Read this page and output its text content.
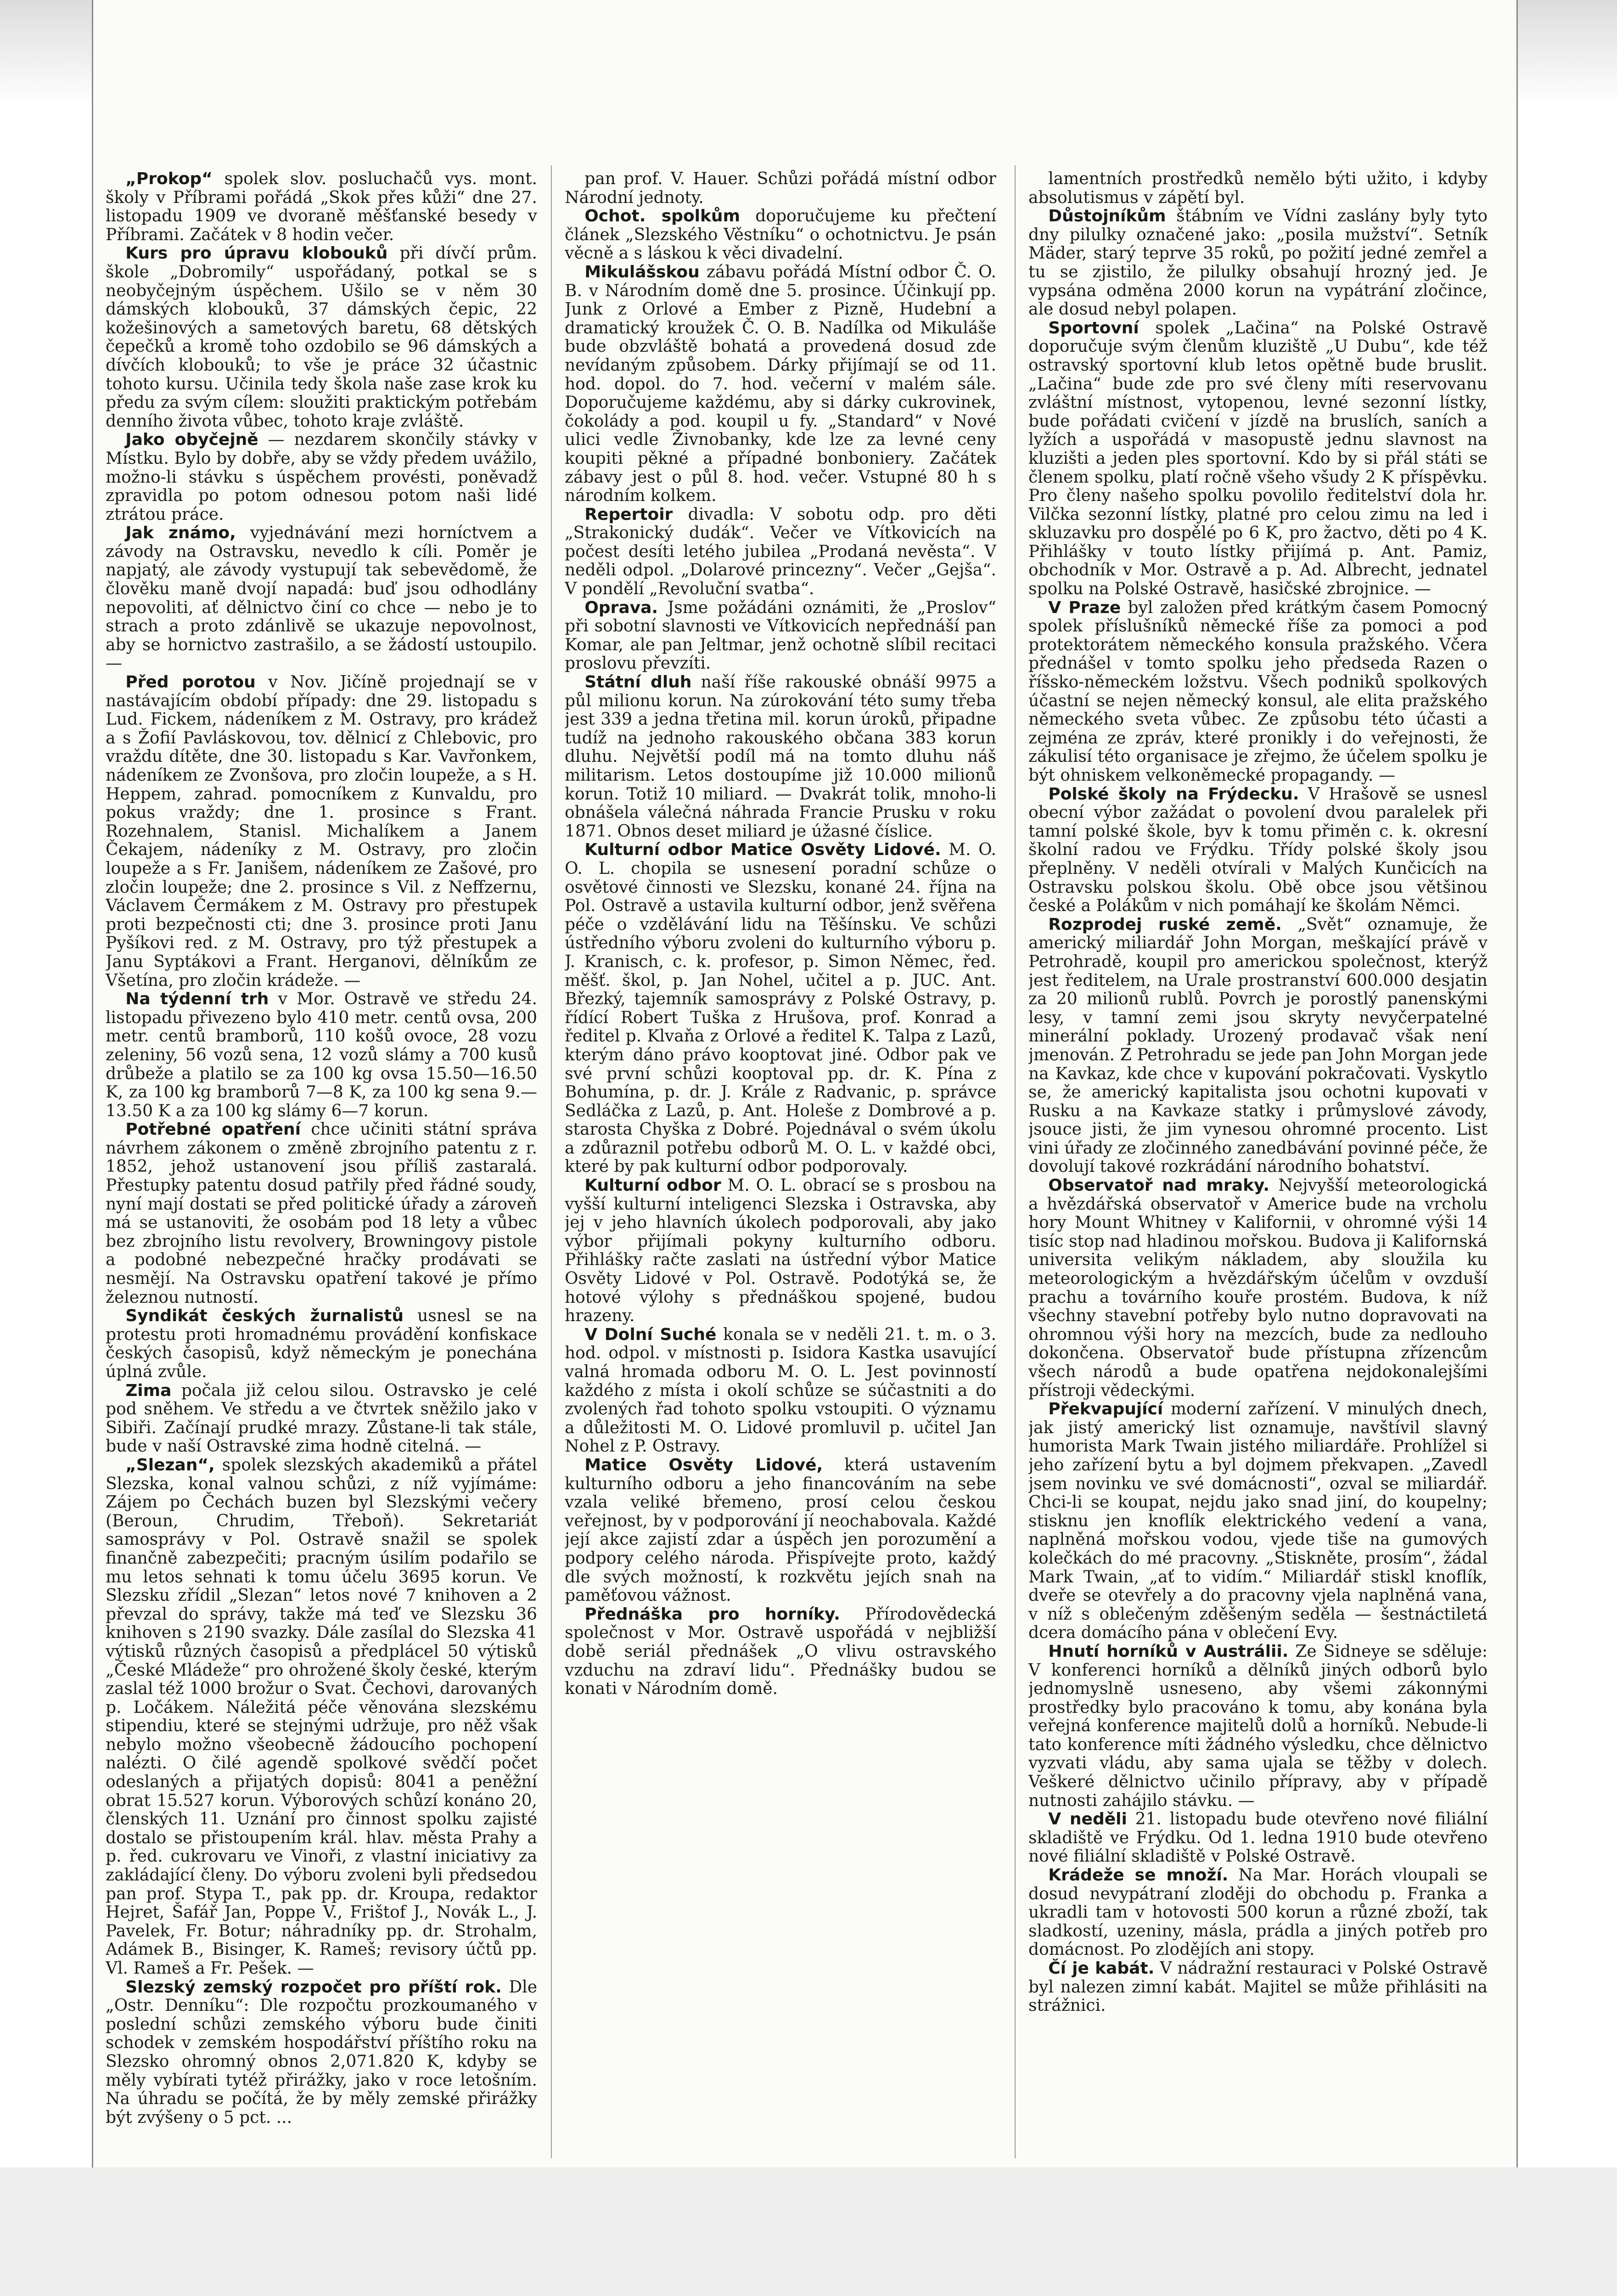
„Prokop“ spolek slov. posluchačů vys. mont. školy v Příbrami pořádá „Skok přes kůži“ dne 27. listopadu 1909 ve dvoraně měšťanské besedy v Příbrami. Začátek v 8 hodin večer.

Kurs pro úpravu klobouků při dívčí prům. škole „Dobromily“ uspořádaný, potkal se s neobyčejným úspěchem. Ušilo se v něm 30 dámských klobouků, 37 dámských čepic, 22 kožešinových a sametových baretu, 68 dětských čepečků a kromě toho ozdobilo se 96 dámských a dívčích klobouků; to vše je práce 32 účastnic tohoto kursu. Učinila tedy škola naše zase krok ku předu za svým cílem: sloužiti praktickým potřebám denního života vůbec, tohoto kraje zvláště.

Jako obyčejně — nezdarem skončily stávky v Místku. Bylo by dobře, aby se vždy předem uvážilo, možno-li stávku s úspěchem provésti, poněvadž zpravidla po potom odnesou potom naši lidé ztrátou práce.

Jak známo, vyjednávání mezi horníctvem a závody na Ostravsku, nevedlo k cíli. Poměr je napjatý, ale závody vystupují tak sebevědomě, že člověku maně dvojí napadá: buď jsou odhodlány nepovoliti, ať dělnictvo činí co chce — nebo je to strach a proto zdánlivě se ukazuje nepovolnost, aby se hornictvo zastrašilo, a se žádostí ustoupilo. —

Před porotou v Nov. Jičíně projednají se v nastávajícím období případy: dne 29. listopadu s Lud. Fickem, nádeníkem z M. Ostravy, pro krádež a s Žofií Pavláskovou, tov. dělnicí z Chlebovic, pro vraždu dítěte, dne 30. listopadu s Kar. Vavřonkem, nádeníkem ze Zvonšova, pro zločin loupeže, a s H. Heppem, zahrad. pomocníkem z Kunvaldu, pro pokus vraždy; dne 1. prosince s Frant. Rozehnalem, Stanisl. Michalíkem a Janem Čekajem, nádeníky z M. Ostravy, pro zločin loupeže a s Fr. Janišem, nádeníkem ze Zašové, pro zločin loupeže; dne 2. prosince s Vil. z Neffzernu, Václavem Čermákem z M. Ostravy pro přestupek proti bezpečnosti cti; dne 3. prosince proti Janu Pyšíkovi red. z M. Ostravy, pro týž přestupek a Janu Syptákovi a Frant. Herganovi, dělníkům ze Všetína, pro zločin krádeže. —

Na týdenní trh v Mor. Ostravě ve středu 24. listopadu přivezeno bylo 410 metr. centů ovsa, 200 metr. centů bramborů, 110 košů ovoce, 28 vozu zeleniny, 56 vozů sena, 12 vozů slámy a 700 kusů drůbeže a platilo se za 100 kg ovsa 15.50—16.50 K, za 100 kg bramborů 7—8 K, za 100 kg sena 9.—13.50 K a za 100 kg slámy 6—7 korun.

Potřebné opatření chce učiniti státní správa návrhem zákonem o změně zbrojního patentu z r. 1852, jehož ustanovení jsou příliš zastaralá. Přestupky patentu dosud patřily před řádné soudy, nyní mají dostati se před politické úřady a zároveň má se ustanoviti, že osobám pod 18 lety a vůbec bez zbrojního listu revolvery, Browningovy pistole a podobné nebezpečné hračky prodávati se nesmějí. Na Ostravsku opatření takové je přímo železnou nutností.

Syndikát českých žurnalistů usnesl se na protestu proti hromadnému provádění konfiskace českých časopisů, když německým je ponechána úplná zvůle.

Zima počala již celou silou. Ostravsko je celé pod sněhem. Ve středu a ve čtvrtek sněžilo jako v Sibiři. Začínají prudké mrazy. Zůstane-li tak stále, bude v naší Ostravské zima hodně citelná. —

„Slezan“, spolek slezských akademiků a přátel Slezska, konal valnou schůzi, z níž vyjímáme: Zájem po Čechách buzen byl Slezskými večery (Beroun, Chrudim, Třeboň). Sekretariát samosprávy v Pol. Ostravě snažil se spolek finančně zabezpečiti; pracným úsilím podařilo se mu letos sehnati k tomu účelu 3695 korun. Ve Slezsku zřídil „Slezan“ letos nové 7 knihoven a 2 převzal do správy, takže má teď ve Slezsku 36 knihoven s 2190 svazky. Dále zasílal do Slezska 41 výtisků různých časopisů a předplácel 50 výtisků „České Mládeže“ pro ohrožené školy české, kterým zaslal též 1000 brožur o Svat. Čechovi, darovaných p. Ločákem. Náležitá péče věnována slezskému stipendiu, které se stejnými udržuje, pro něž však nebylo možno všeobecně žádoucího pochopení nalézti. O čilé agendě spolkové svědčí počet odeslaných a přijatých dopisů: 8041 a peněžní obrat 15.527 korun. Výborových schůzí konáno 20, členských 11. Uznání pro činnost spolku zajisté dostalo se přistoupením král. hlav. města Prahy a p. řed. cukrovaru ve Vinoři, z vlastní iniciativy za zakládající členy. Do výboru zvoleni byli předsedou pan prof. Stypa T., pak pp. dr. Kroupa, redaktor Hejret, Šafář Jan, Poppe V., Frištof J., Novák L., J. Pavelek, Fr. Botur; náhradníky pp. dr. Strohalm, Adámek B., Bisinger, K. Rameš; revisory účtů pp. Vl. Rameš a Fr. Pešek. —

Slezský zemský rozpočet pro příští rok. Dle „Ostr. Denníku“: Dle rozpočtu prozkoumaného v poslední schůzi zemského výboru bude činiti schodek v zemském hospodářství příštího roku na Slezsko ohromný obnos 2,071.820 K, kdyby se měly vybírati tytéž přirážky, jako v roce letošním. Na úhradu se počítá, že by měly zemské přirážky být zvýšeny o 5 pct. ...

pan prof. V. Hauer. Schůzi pořádá místní odbor Národní jednoty.

Ochot. spolkům doporučujeme ku přečtení článek „Slezského Věstníku“ o ochotnictvu. Je psán věcně a s láskou k věci divadelní.

Mikulášskou zábavu pořádá Místní odbor Č. O. B. v Národním domě dne 5. prosince. Účinkují pp. Junk z Orlové a Ember z Pizně, Hudební a dramatický kroužek Č. O. B. Nadílka od Mikuláše bude obzvláště bohatá a provedená dosud zde nevídaným způsobem. Dárky přijímají se od 11. hod. dopol. do 7. hod. večerní v malém sále. Doporučujeme každému, aby si dárky cukrovinek, čokolády a pod. koupil u fy. „Standard“ v Nové ulici vedle Živnobanky, kde lze za levné ceny koupiti pěkné a případné bonboniery. Začátek zábavy jest o půl 8. hod. večer. Vstupné 80 h s národním kolkem.

Repertoir divadla: V sobotu odp. pro děti „Strakonický dudák“. Večer ve Vítkovicích na počest desíti letého jubilea „Prodaná nevěsta“. V neděli odpol. „Dolarové princezny“. Večer „Gejša“. V pondělí „Revoluční svatba“.

Oprava. Jsme požádáni oznámiti, že „Proslov“ při sobotní slavnosti ve Vítkovicích nepřednáší pan Komar, ale pan Jeltmar, jenž ochotně slíbil recitaci proslovu převzíti.

Státní dluh naší říše rakouské obnáší 9975 a půl milionu korun. Na zúrokování této sumy třeba jest 339 a jedna třetina mil. korun úroků, připadne tudíž na jednoho rakouského občana 383 korun dluhu. Největší podíl má na tomto dluhu náš militarism. Letos dostoupíme již 10.000 milionů korun. Totiž 10 miliard. — Dvakrát tolik, mnoho-li obnášela válečná náhrada Francie Prusku v roku 1871. Obnos deset miliard je úžasné číslice.

Kulturní odbor Matice Osvěty Lidové. M. O. O. L. chopila se usnesení poradní schůze o osvětové činnosti ve Slezsku, konané 24. října na Pol. Ostravě a ustavila kulturní odbor, jenž svěřena péče o vzdělávání lidu na Těšínsku. Ve schůzi ústředního výboru zvoleni do kulturního výboru p. J. Kranisch, c. k. profesor, p. Simon Němec, řed. měšť. škol, p. Jan Nohel, učitel a p. JUC. Ant. Březký, tajemník samosprávy z Polské Ostravy, p. řídící Robert Tuška z Hrušova, prof. Konrad a ředitel p. Klvaňa z Orlové a ředitel K. Talpa z Lazů, kterým dáno právo kooptovat jiné. Odbor pak ve své první schůzi kooptoval pp. dr. K. Pína z Bohumína, p. dr. J. Krále z Radvanic, p. správce Sedláčka z Lazů, p. Ant. Holeše z Dombrové a p. starosta Chyška z Dobré. Pojednával o svém úkolu a zdůraznil potřebu odborů M. O. L. v každé obci, které by pak kulturní odbor podporovaly.

Kulturní odbor M. O. L. obrací se s prosbou na vyšší kulturní inteligenci Slezska i Ostravska, aby jej v jeho hlavních úkolech podporovali, aby jako výbor přijímali pokyny kulturního odboru. Přihlášky račte zaslati na ústřední výbor Matice Osvěty Lidové v Pol. Ostravě. Podotýká se, že hotové výlohy s přednáškou spojené, budou hrazeny.

V Dolní Suché konala se v neděli 21. t. m. o 3. hod. odpol. v místnosti p. Isidora Kastka usavující valná hromada odboru M. O. L. Jest povinností každého z místa i okolí schůze se súčastniti a do zvolených řad tohoto spolku vstoupiti. O významu a důležitosti M. O. Lidové promluvil p. učitel Jan Nohel z P. Ostravy.

Matice Osvěty Lidové, která ustavením kulturního odboru a jeho financováním na sebe vzala veliké břemeno, prosí celou českou veřejnost, by v podporování jí neochabovala. Každé její akce zajistí zdar a úspěch jen porozumění a podpory celého národa. Přispívejte proto, každý dle svých možností, k rozkvětu jejích snah na paměťovou vážnost.

Přednáška pro horníky. Přírodovědecká společnost v Mor. Ostravě uspořádá v nejbližší době seriál přednášek „O vlivu ostravského vzduchu na zdraví lidu“. Přednášky budou se konati v Národním domě.

lamentních prostředků nemělo býti užito, i kdyby absolutismus v zápětí byl.

Důstojníkům štábním ve Vídni zaslány byly tyto dny pilulky označené jako: „posila mužství“. Setník Mäder, starý teprve 35 roků, po požití jedné zemřel a tu se zjistilo, že pilulky obsahují hrozný jed. Je vypsána odměna 2000 korun na vypátrání zločince, ale dosud nebyl polapen.

Sportovní spolek „Lačina“ na Polské Ostravě doporučuje svým členům kluziště „U Dubu“, kde též ostravský sportovní klub letos opětně bude bruslit. „Lačina“ bude zde pro své členy míti reservovanu zvláštní místnost, vytopenou, levné sezonní lístky, bude pořádati cvičení v jízdě na bruslích, saních a lyžích a uspořádá v masopustě jednu slavnost na kluzišti a jeden ples sportovní. Kdo by si přál státi se členem spolku, platí ročně všeho všudy 2 K příspěvku. Pro členy našeho spolku povolilo ředitelství dola hr. Vilčka sezonní lístky, platné pro celou zimu na led i skluzavku pro dospělé po 6 K, pro žactvo, děti po 4 K. Přihlášky v touto lístky přijímá p. Ant. Pamiz, obchodník v Mor. Ostravě a p. Ad. Albrecht, jednatel spolku na Polské Ostravě, hasičské zbrojnice. —

V Praze byl založen před krátkým časem Pomocný spolek příslušníků německé říše za pomoci a pod protektorátem německého konsula pražského. Včera přednášel v tomto spolku jeho předseda Razen o říšsko-německém ložstvu. Všech podniků spolkových účastní se nejen německý konsul, ale elita pražského německého sveta vůbec. Ze způsobu této účasti a zejména ze zpráv, které pronikly i do veřejnosti, že zákulisí této organisace je zřejmo, že účelem spolku je být ohniskem velkoněmecké propagandy. —

Polské školy na Frýdecku. V Hrašově se usnesl obecní výbor zažádat o povolení dvou paralelek při tamní polské škole, byv k tomu přiměn c. k. okresní školní radou ve Frýdku. Třídy polské školy jsou přeplněny. V neděli otvírali v Malých Kunčicích na Ostravsku polskou školu. Obě obce jsou většinou české a Polákům v nich pomáhají ke školám Němci.

Rozprodej ruské země. „Svět“ oznamuje, že americký miliardář John Morgan, meškající právě v Petrohradě, koupil pro americkou společnost, kterýž jest ředitelem, na Urale prostranství 600.000 desjatin za 20 milionů rublů. Povrch je porostlý panenskými lesy, v tamní zemi jsou skryty nevyčerpatelné minerální poklady. Urozený prodavač však není jmenován. Z Petrohradu se jede pan John Morgan jede na Kavkaz, kde chce v kupování pokračovati. Vyskytlo se, že americký kapitalista jsou ochotni kupovati v Rusku a na Kavkaze statky i průmyslové závody, jsouce jisti, že jim vynesou ohromné procento. List vini úřady ze zločinného zanedbávání povinné péče, že dovolují takové rozkrádání národního bohatství.

Observatoř nad mraky. Nejvyšší meteorologická a hvězdářská observatoř v Americe bude na vrcholu hory Mount Whitney v Kalifornii, v ohromné výši 14 tisíc stop nad hladinou mořskou. Budova ji Kalifornská universita velikým nákladem, aby sloužila ku meteorologickým a hvězdářským účelům v ovzduší prachu a továrního kouře prostém. Budova, k níž všechny stavební potřeby bylo nutno dopravovati na ohromnou výši hory na mezcích, bude za nedlouho dokončena. Observatoř bude přístupna zřízencům všech národů a bude opatřena nejdokonalejšími přístroji vědeckými.

Překvapující moderní zařízení. V minulých dnech, jak jistý americký list oznamuje, navštívil slavný humorista Mark Twain jistého miliardáře. Prohlížel si jeho zařízení bytu a byl dojmem překvapen. „Zavedl jsem novinku ve své domácnosti“, ozval se miliardář. Chci-li se koupat, nejdu jako snad jiní, do koupelny; stisknu jen knoflík elektrického vedení a vana, naplněná mořskou vodou, vjede tiše na gumových kolečkách do mé pracovny. „Stiskněte, prosím“, žádal Mark Twain, „ať to vidím.“ Miliardář stiskl knoflík, dveře se otevřely a do pracovny vjela naplněná vana, v níž s oblečeným zděšeným seděla — šestnáctiletá dcera domácího pána v oblečení Evy.

Hnutí horníků v Austrálii. Ze Sidneye se sděluje: V konferenci horníků a dělníků jiných odborů bylo jednomyslně usneseno, aby všemi zákonnými prostředky bylo pracováno k tomu, aby konána byla veřejná konference majitelů dolů a horníků. Nebude-li tato konference míti žádného výsledku, chce dělnictvo vyzvati vládu, aby sama ujala se těžby v dolech. Veškeré dělnictvo učinilo přípravy, aby v případě nutnosti zahájilo stávku. —

V neděli 21. listopadu bude otevřeno nové filiální skladiště ve Frýdku. Od 1. ledna 1910 bude otevřeno nové filiální skladiště v Polské Ostravě.

Krádeže se množí. Na Mar. Horách vloupali se dosud nevypátraní zloději do obchodu p. Franka a ukradli tam v hotovosti 500 korun a různé zboží, tak sladkostí, uzeniny, másla, prádla a jiných potřeb pro domácnost. Po zlodějích ani stopy.

Čí je kabát. V nádražní restauraci v Polské Ostravě byl nalezen zimní kabát. Majitel se může přihlásiti na strážnici.
